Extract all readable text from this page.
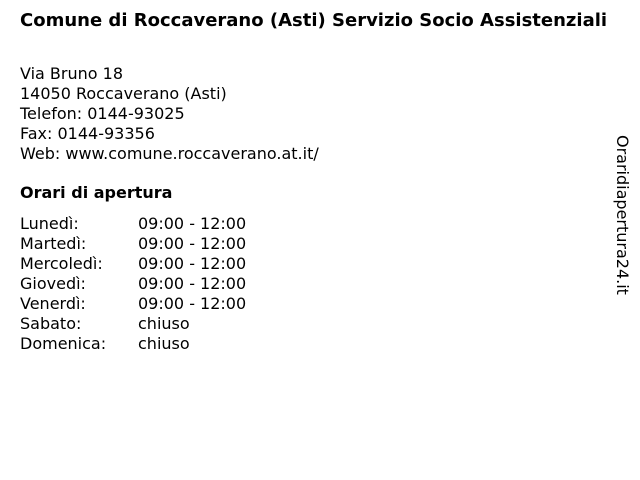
Comune di Roccaverano (Asti) Servizio Socio Assistenziali
Via Bruno 18
14050 Roccaverano (Asti)
Telefon: 0144-93025
Fax: 0144-93356
Web: www.comune.roccaverano.at.it/
Orari di apertura
Lunedì:	09:00 - 12:00
Martedì:	09:00 - 12:00
Mercoledì: 09:00 - 12:00
Giovedì:	09:00 - 12:00
Venerdì:	09:00 - 12:00
Sabato:	chiuso
Domenica: chiuso
Oraridiapertura24.it
